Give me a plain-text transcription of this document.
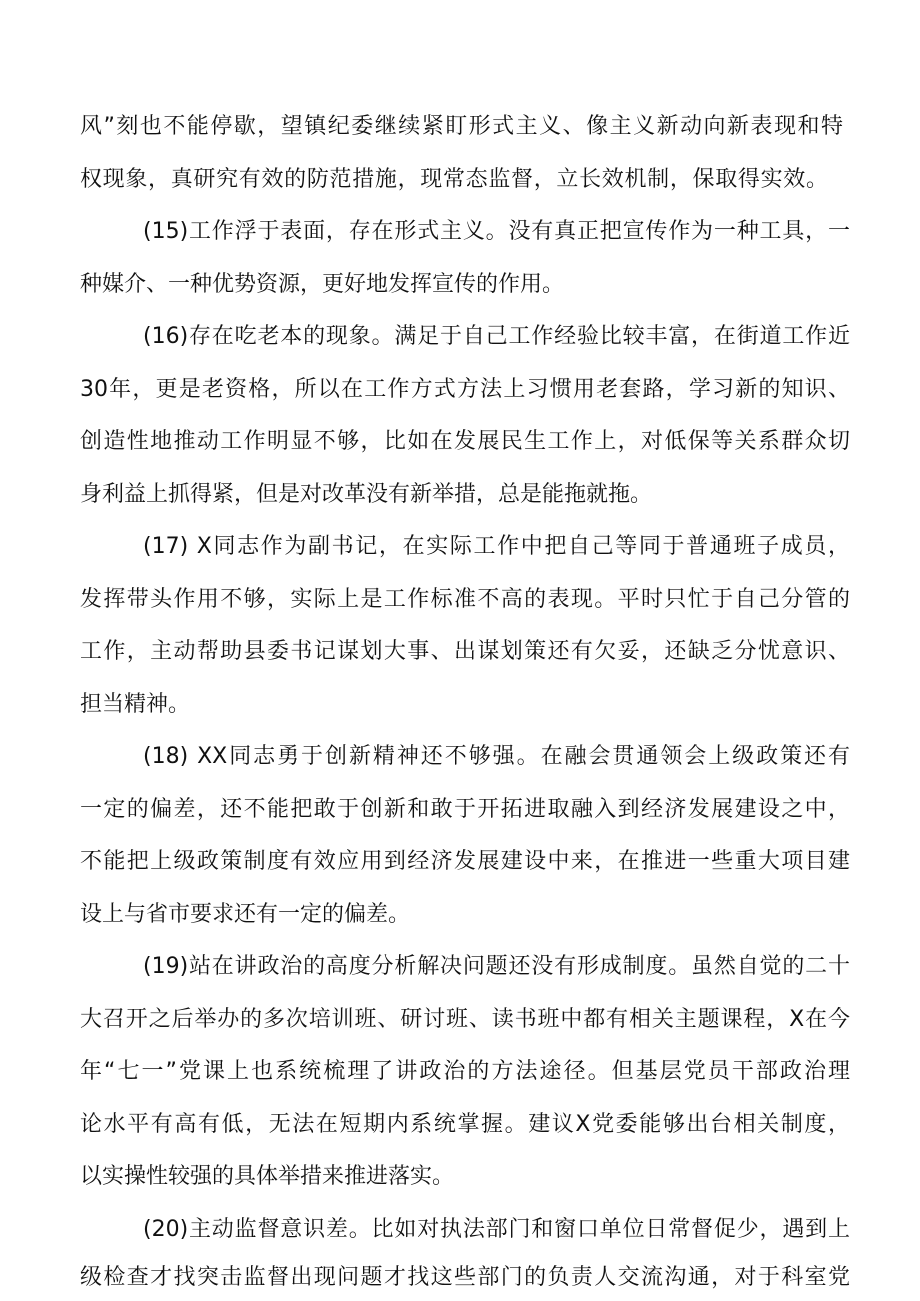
风”刻也不能停歇，望镇纪委继续紧盯形式主义、像主义新动向新表现和特
权现象，真研究有效的防范措施，现常态监督，立长效机制，保取得实效。
(15)工作浮于表面，存在形式主义。没有真正把宣传作为一种工具，一
种媒介、一种优势资源，更好地发挥宣传的作用。
(16)存在吃老本的现象。满足于自己工作经验比较丰富，在街道工作近
30年，更是老资格，所以在工作方式方法上习惯用老套路，学习新的知识、
创造性地推动工作明显不够，比如在发展民生工作上，对低保等关系群众切
身利益上抓得紧，但是对改革没有新举措，总是能拖就拖。
(17) X同志作为副书记，在实际工作中把自己等同于普通班子成员，
发挥带头作用不够，实际上是工作标准不高的表现。平时只忙于自己分管的
工作，主动帮助县委书记谋划大事、出谋划策还有欠妥，还缺乏分忧意识、
担当精神。
(18) XX同志勇于创新精神还不够强。在融会贯通领会上级政策还有
一定的偏差，还不能把敢于创新和敢于开拓进取融入到经济发展建设之中，
不能把上级政策制度有效应用到经济发展建设中来，在推进一些重大项目建
设上与省市要求还有一定的偏差。
(19)站在讲政治的高度分析解决问题还没有形成制度。虽然自觉的二十
大召开之后举办的多次培训班、研讨班、读书班中都有相关主题课程，X在今
年“七一”党课上也系统梳理了讲政治的方法途径。但基层党员干部政治理
论水平有高有低，无法在短期内系统掌握。建议X党委能够出台相关制度，
以实操性较强的具体举措来推进落实。
(20)主动监督意识差。比如对执法部门和窗口单位日常督促少，遇到上
级检查才找突击监督出现问题才找这些部门的负责人交流沟通，对于科室党
